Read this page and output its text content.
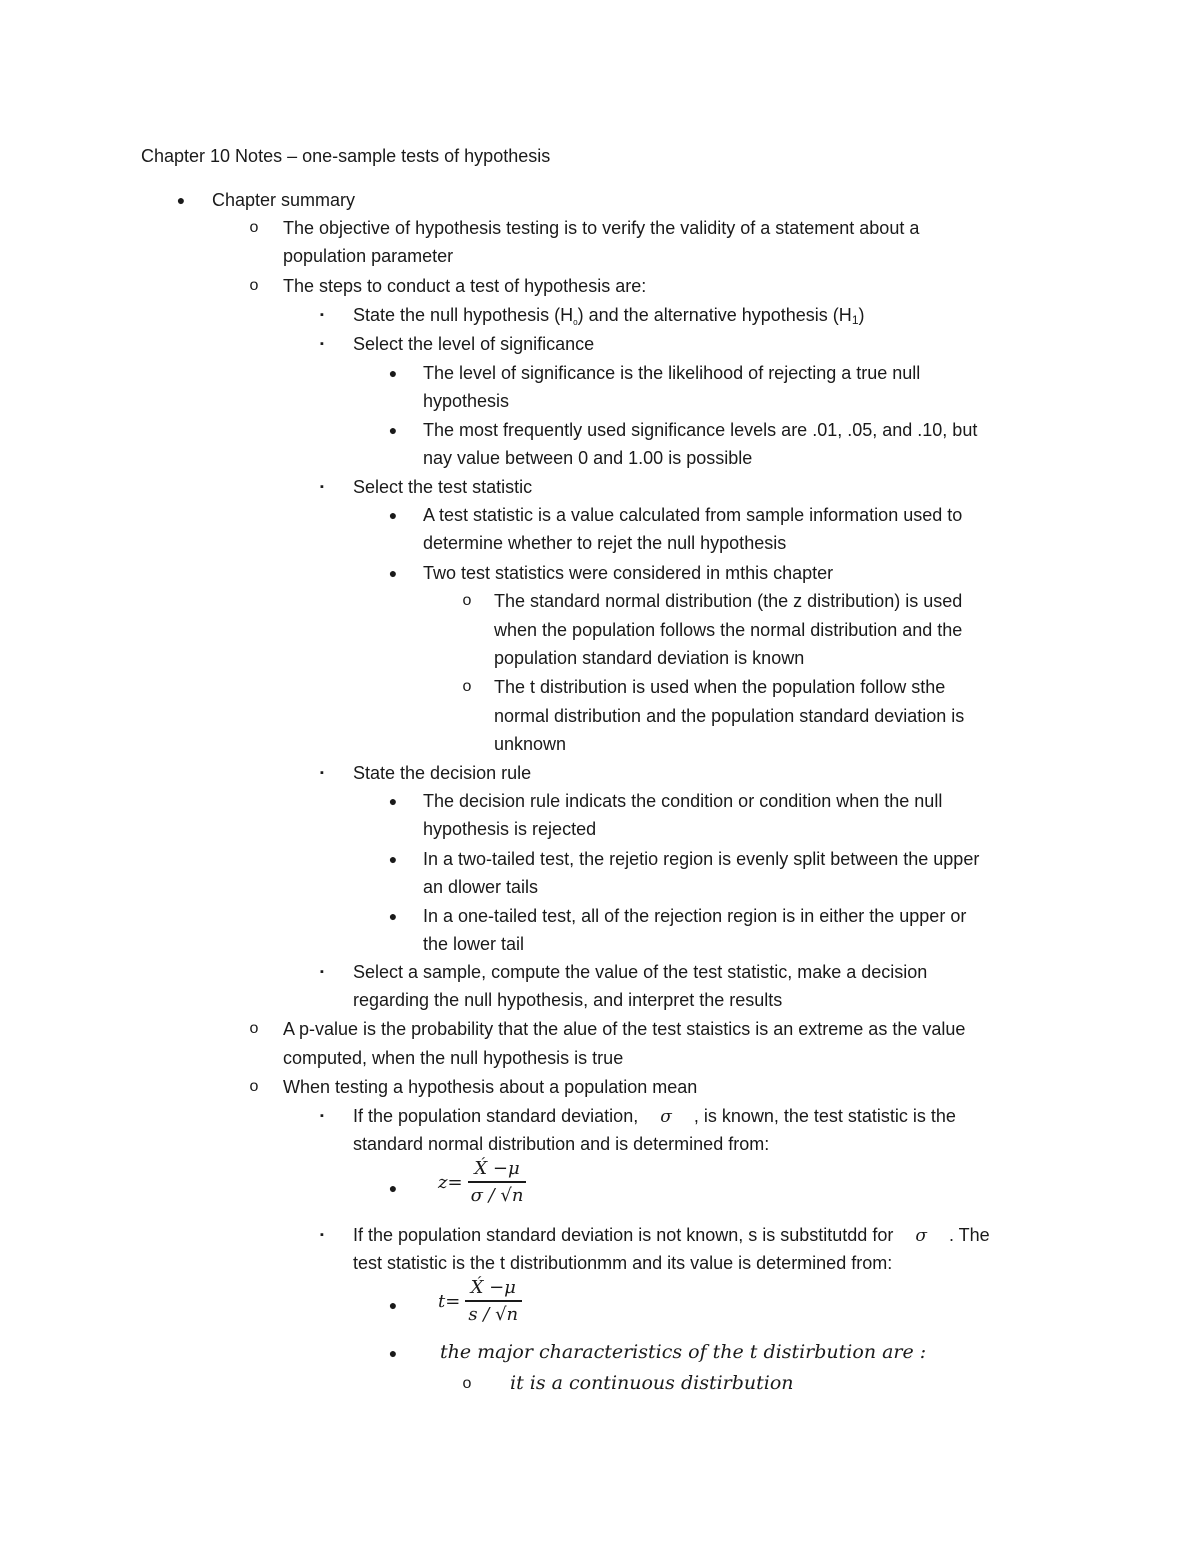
Chapter 10 Notes – one-sample tests of hypothesis
● Chapter summary
o The objective of hypothesis testing is to verify the validity of a statement about a
population parameter
o The steps to conduct a test of hypothesis are:
▪	State the null hypothesis $(H_{_o})$ and the alternative hypothesis $(H_1)$
▪	Select the level of significance
● The level of significance is the likelihood of rejecting a true null
hypothesis
● The most frequently used significance levels are .01, .05, and .10, but
nay value between 0 and 1.00 is possible
▪	Select the test statistic
● A test statistic is a value calculated from sample information used to
determine whether to rejet the null hypothesis
● Two test statistics were considered in mthis chapter
o The standard normal distribution (the z distribution) is used
when the population follows the normal distribution and the
population standard deviation is known
o The t distribution is used when the population follow sthe
normal distribution and the population standard deviation is
unknown
▪	State the decision rule
● The decision rule indicats the condition or condition when the null
hypothesis is rejected
● In a two-tailed test, the rejetio region is evenly split between the upper
an dlower tails
● In a one-tailed test, all of the rejection region is in either the upper or
the lower tail
▪	Select a sample, compute the value of the test statistic, make a decision
regarding the null hypothesis, and interpret the results
o A p-value is the probability that the alue of the test staistics is an extreme as the value
computed, when the null hypothesis is true
o When testing a hypothesis about a population mean
▪	If the population standard deviation, σ , is known, the test statistic is the
standard normal distribution and is determined from:
● $z= \frac{X́ -\mu}{\sigma / √n}$
▪	If the population standard deviation is not known, s is substitutdd for σ . The
test statistic is the t distributionmm and its value is determined from:
● $t= \frac{X́ -\mu}{s / √n}$
● the major characteristics of the t distirbution are :
o it is a continuous distirbution
